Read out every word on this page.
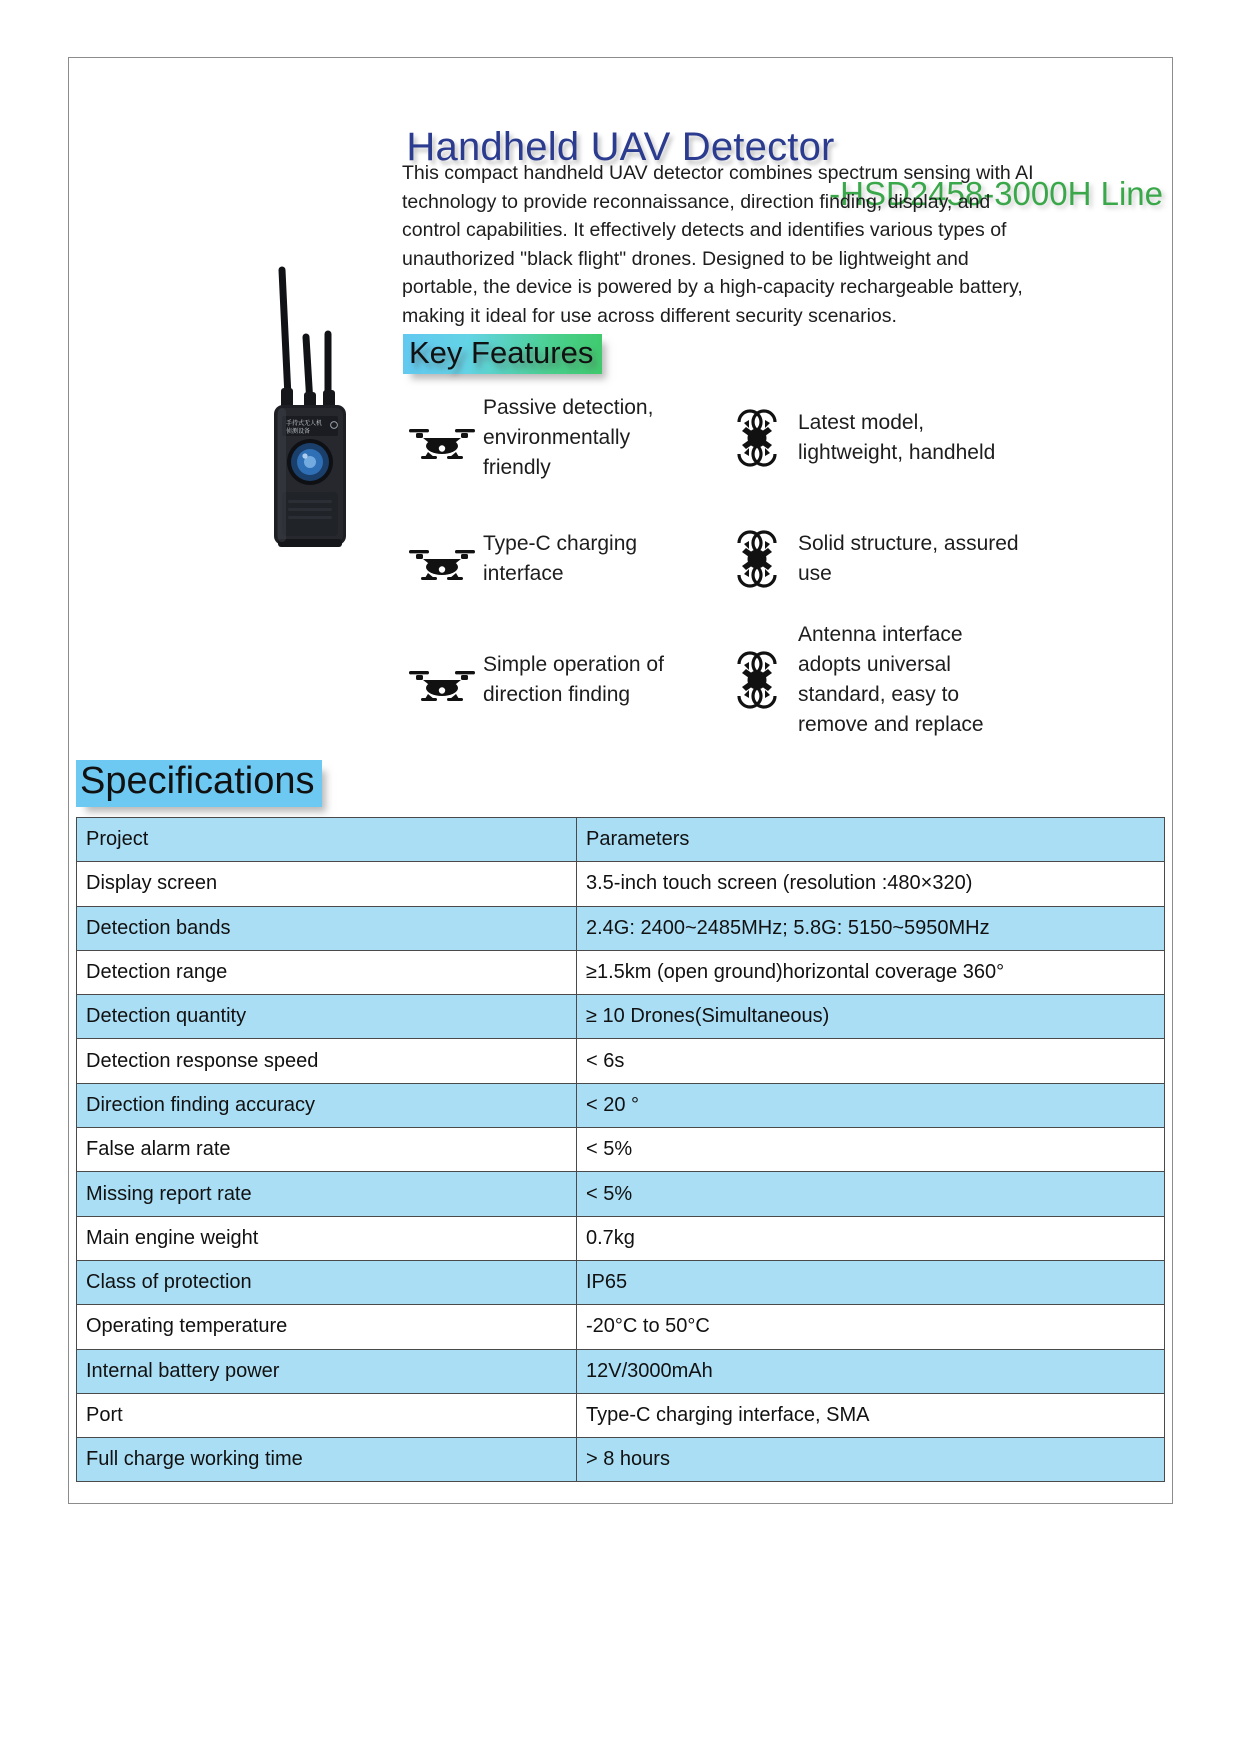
Handheld UAV Detector
-HSD2458-3000H Line
手持式无人机
侦测设备

This compact handheld UAV detector combines spectrum sensing with AI technology to provide reconnaissance, direction finding, display, and control capabilities. It effectively detects and identifies various types of unauthorized "black flight" drones. Designed to be lightweight and portable, the device is powered by a high-capacity rechargeable battery, making it ideal for use across different security scenarios.

Key Features
Passive detection, environmentally friendly
Latest model, lightweight, handheld
Type-C charging interface
Solid structure, assured use
Simple operation of direction finding
Antenna interface adopts universal standard, easy to remove and replace
Specifications
Project	Parameters
Display screen	3.5-inch touch screen (resolution :480×320)
Detection bands	2.4G: 2400~2485MHz; 5.8G: 5150~5950MHz
Detection range	≥1.5km (open ground)horizontal coverage 360°
Detection quantity	≥ 10 Drones(Simultaneous)
Detection response speed	< 6s
Direction finding accuracy	< 20 °
False alarm rate	< 5%
Missing report rate	< 5%
Main engine weight	0.7kg
Class of protection	IP65
Operating temperature	-20°C to 50°C
Internal battery power	12V/3000mAh
Port	Type-C charging interface, SMA
Full charge working time	> 8 hours
